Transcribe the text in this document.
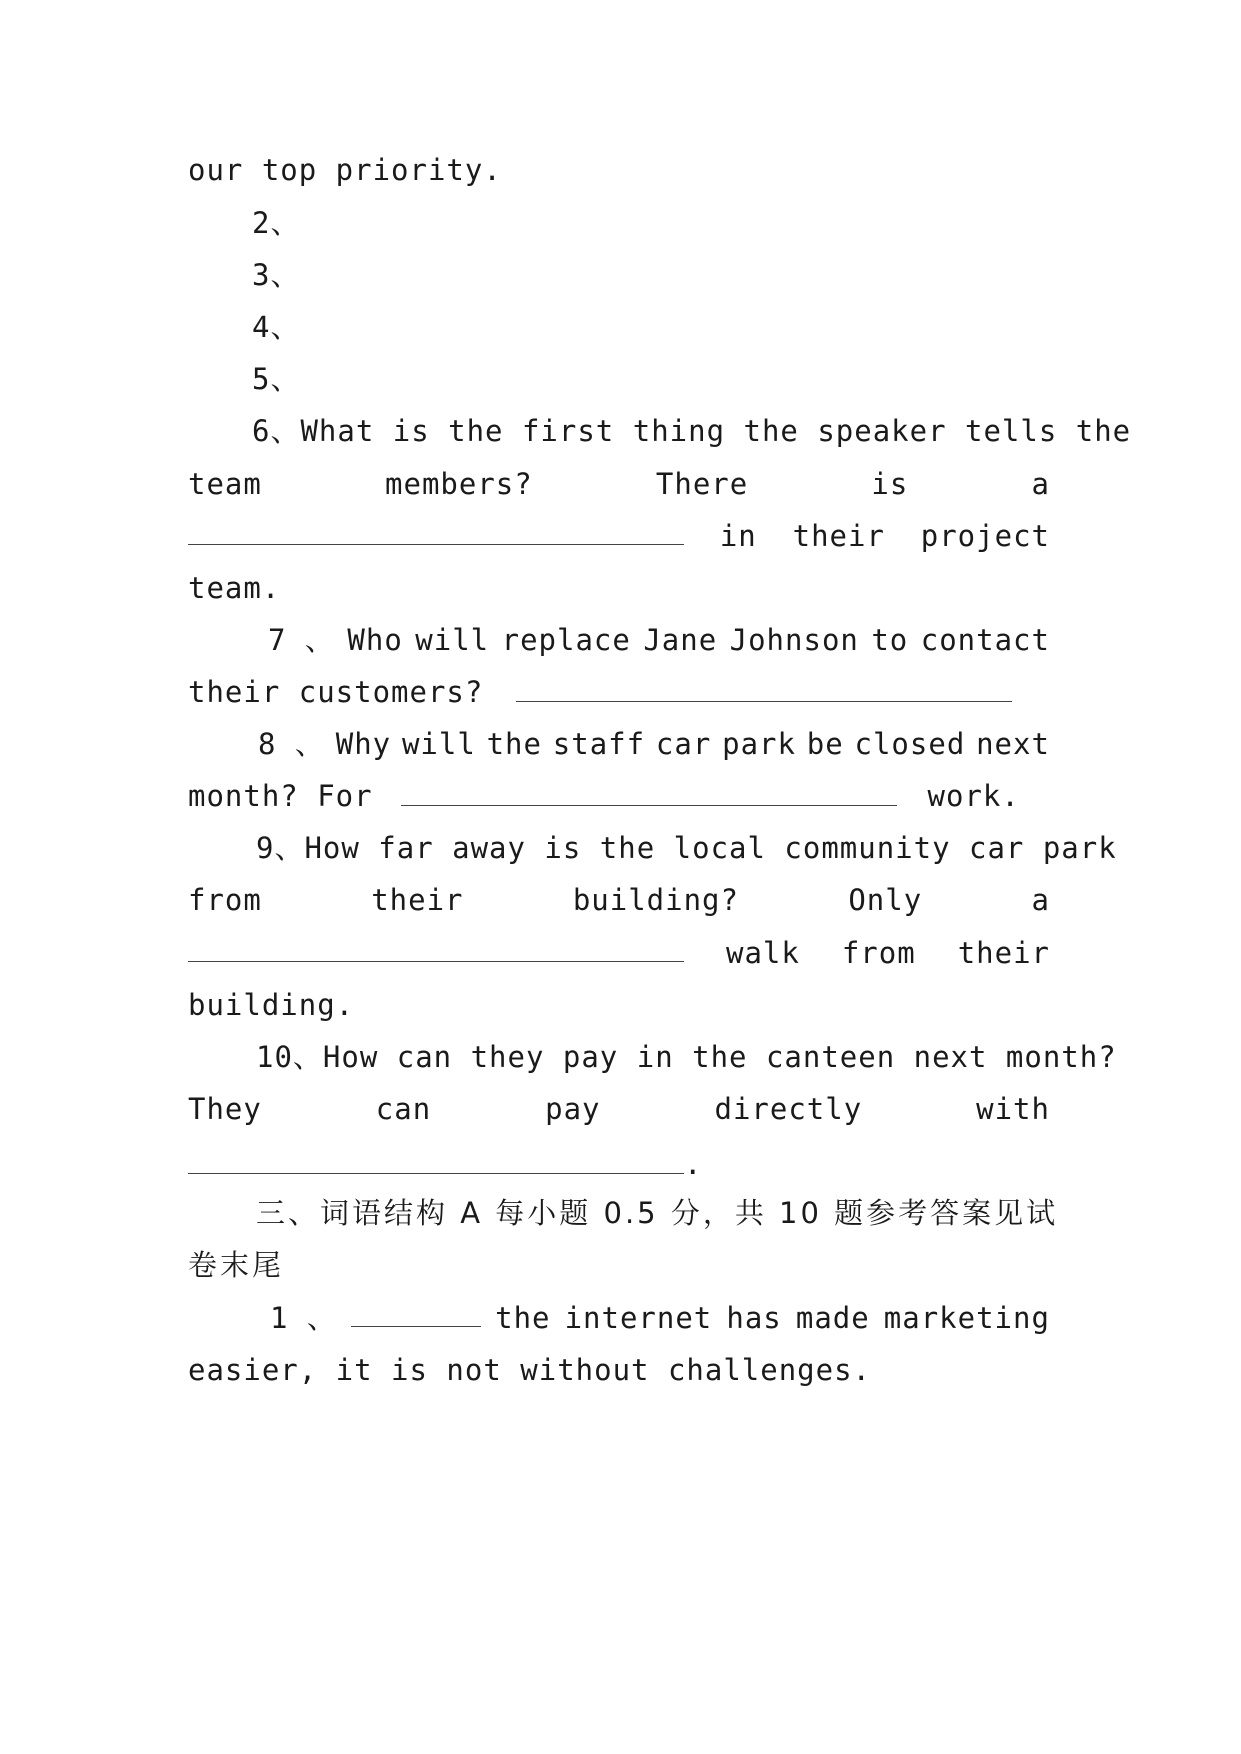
our top priority.
2、
3、
4、
5、
6、What is the first thing the speaker tells the
team	members?	There	is	a
in their project
team.
7 、 Who will replace Jane Johnson to contact
their customers?
8 、 Why will the staff car park be closed next
month? For	work.
9、How far away is the local community car park
from	their	building?	Only	a
walk from their
building.
10、How can they pay in the canteen next month?
They	can	pay	directly	with
.
三、词语结构 A 每小题 0.5 分，共 10 题参考答案见试
卷末尾
1 、	the internet has made marketing
easier, it is not without challenges.
